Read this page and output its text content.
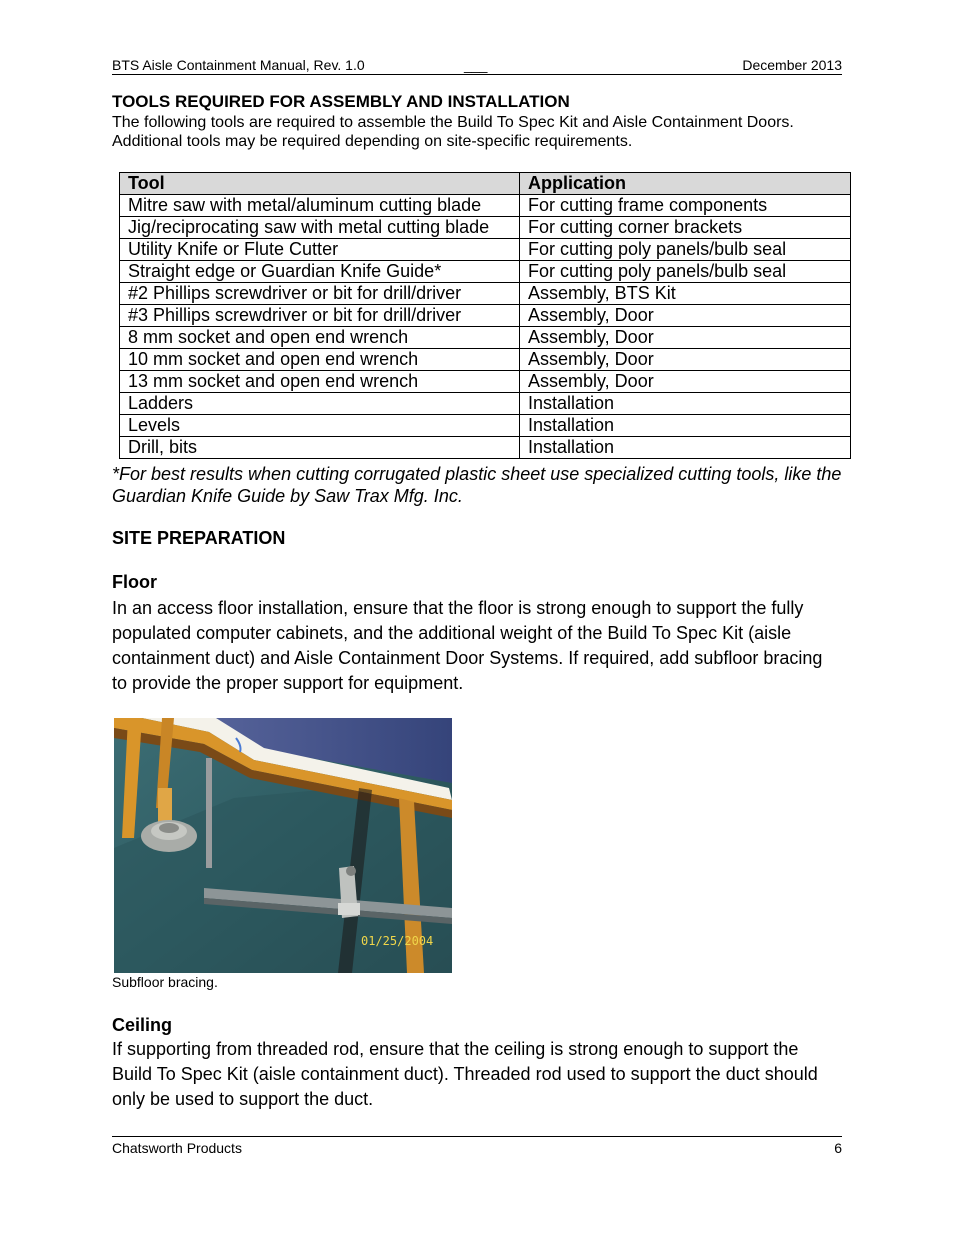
BTS Aisle Containment Manual, Rev. 1.0	___	December 2013
TOOLS REQUIRED FOR ASSEMBLY AND INSTALLATION
The following tools are required to assemble the Build To Spec Kit and Aisle Containment Doors. Additional tools may be required depending on site-specific requirements.
Tool	Application
Mitre saw with metal/aluminum cutting blade	For cutting frame components
Jig/reciprocating saw with metal cutting blade	For cutting corner brackets
Utility Knife or Flute Cutter	For cutting poly panels/bulb seal
Straight edge or Guardian Knife Guide*	For cutting poly panels/bulb seal
#2 Phillips screwdriver or bit for drill/driver	Assembly, BTS Kit
#3 Phillips screwdriver or bit for drill/driver	Assembly, Door
8 mm socket and open end wrench	Assembly, Door
10 mm socket and open end wrench	Assembly, Door
13 mm socket and open end wrench	Assembly, Door
Ladders	Installation
Levels	Installation
Drill, bits	Installation
*For best results when cutting corrugated plastic sheet use specialized cutting tools, like the Guardian Knife Guide by Saw Trax Mfg. Inc.
SITE PREPARATION
Floor
In an access floor installation, ensure that the floor is strong enough to support the fully populated computer cabinets, and the additional weight of the Build To Spec Kit (aisle containment duct) and Aisle Containment Door Systems. If required, add subfloor bracing to provide the proper support for equipment.
01/25/2004
Subfloor bracing.
Ceiling
If supporting from threaded rod, ensure that the ceiling is strong enough to support the Build To Spec Kit (aisle containment duct). Threaded rod used to support the duct should only be used to support the duct.
Chatsworth Products	6
